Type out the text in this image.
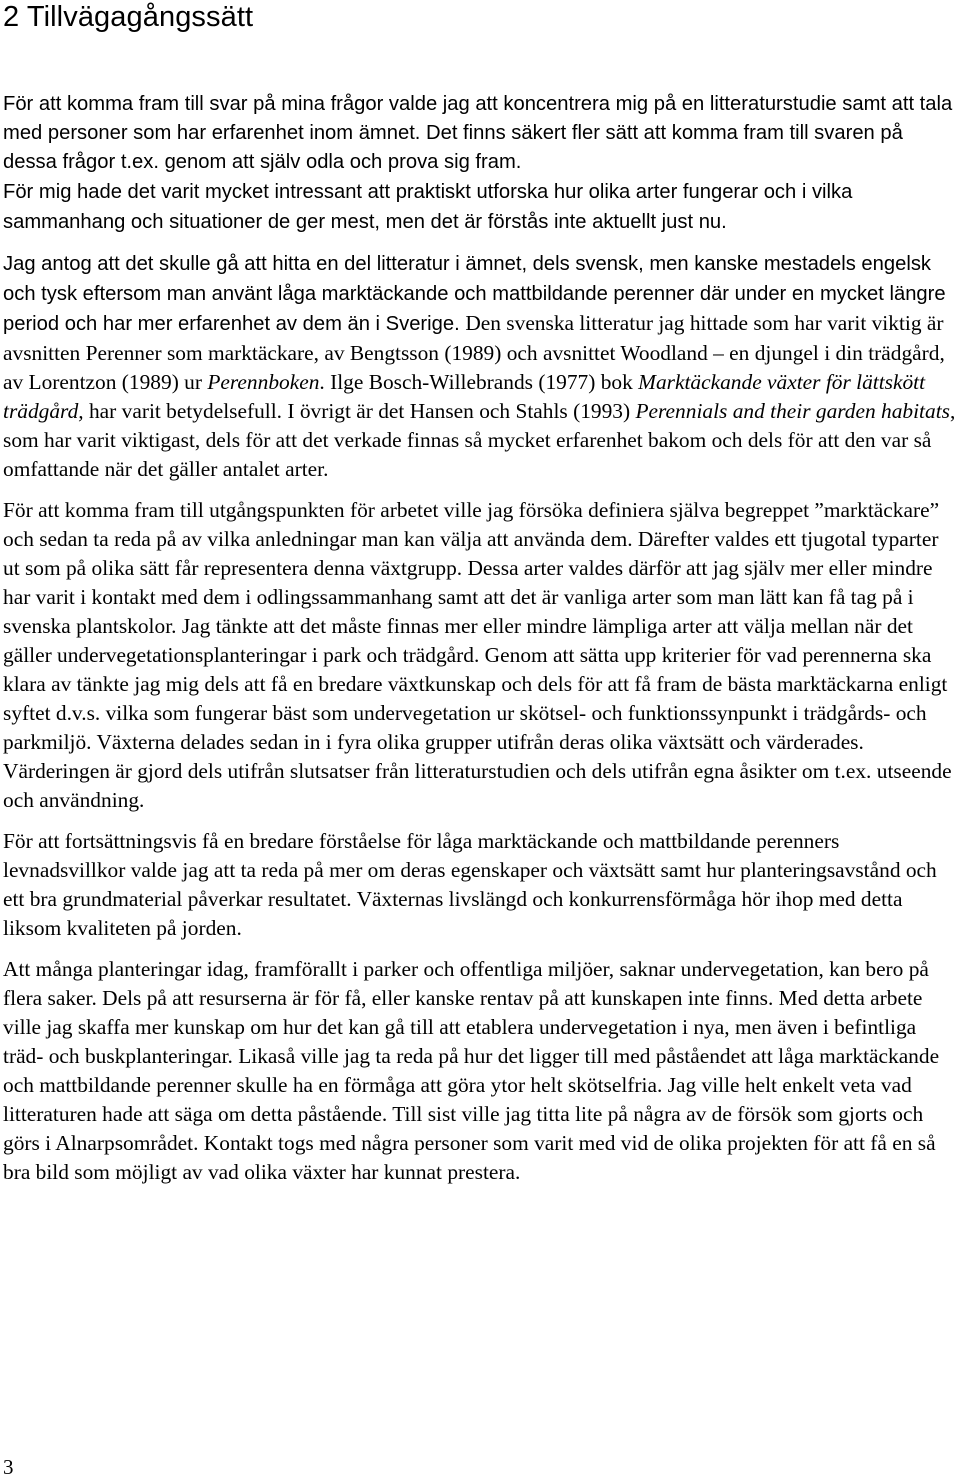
2 Tillvägagångssätt

För att komma fram till svar på mina frågor valde jag att koncentrera mig på en litteraturstudie samt att tala med personer som har erfarenhet inom ämnet. Det finns säkert fler sätt att komma fram till svaren på dessa frågor t.ex. genom att själv odla och prova sig fram.

För mig hade det varit mycket intressant att praktiskt utforska hur olika arter fungerar och i vilka sammanhang och situationer de ger mest, men det är förstås inte aktuellt just nu.

Jag antog att det skulle gå att hitta en del litteratur i ämnet, dels svensk, men kanske mestadels engelsk och tysk eftersom man använt låga marktäckande och mattbildande perenner där under en mycket längre period och har mer erfarenhet av dem än i Sverige. Den svenska litteratur jag hittade som har varit viktig är avsnitten Perenner som marktäckare, av Bengtsson (1989) och avsnittet Woodland – en djungel i din trädgård, av Lorentzon (1989) ur Perennboken. Ilge Bosch-Willebrands (1977) bok Marktäckande växter för lättskött trädgård, har varit betydelsefull. I övrigt är det Hansen och Stahls (1993) Perennials and their garden habitats, som har varit viktigast, dels för att det verkade finnas så mycket erfarenhet bakom och dels för att den var så omfattande när det gäller antalet arter.

För att komma fram till utgångspunkten för arbetet ville jag försöka definiera själva begreppet ”marktäckare” och sedan ta reda på av vilka anledningar man kan välja att använda dem. Därefter valdes ett tjugotal typarter ut som på olika sätt får representera denna växtgrupp. Dessa arter valdes därför att jag själv mer eller mindre har varit i kontakt med dem i odlingssammanhang samt att det är vanliga arter som man lätt kan få tag på i svenska plantskolor. Jag tänkte att det måste finnas mer eller mindre lämpliga arter att välja mellan när det gäller undervegetationsplanteringar i park och trädgård. Genom att sätta upp kriterier för vad perennerna ska klara av tänkte jag mig dels att få en bredare växtkunskap och dels för att få fram de bästa marktäckarna enligt syftet d.v.s. vilka som fungerar bäst som undervegetation ur skötsel- och funktionssynpunkt i trädgårds- och parkmiljö. Växterna delades sedan in i fyra olika grupper utifrån deras olika växtsätt och värderades. Värderingen är gjord dels utifrån slutsatser från litteraturstudien och dels utifrån egna åsikter om t.ex. utseende och användning.

För att fortsättningsvis få en bredare förståelse för låga marktäckande och mattbildande perenners levnadsvillkor valde jag att ta reda på mer om deras egenskaper och växtsätt samt hur planteringsavstånd och ett bra grundmaterial påverkar resultatet. Växternas livslängd och konkurrensförmåga hör ihop med detta liksom kvaliteten på jorden.

Att många planteringar idag, framförallt i parker och offentliga miljöer, saknar undervegetation, kan bero på flera saker. Dels på att resurserna är för få, eller kanske rentav på att kunskapen inte finns. Med detta arbete ville jag skaffa mer kunskap om hur det kan gå till att etablera undervegetation i nya, men även i befintliga träd- och buskplanteringar. Likaså ville jag ta reda på hur det ligger till med påståendet att låga marktäckande och mattbildande perenner skulle ha en förmåga att göra ytor helt skötselfria. Jag ville helt enkelt veta vad litteraturen hade att säga om detta påstående. Till sist ville jag titta lite på några av de försök som gjorts och görs i Alnarpsområdet. Kontakt togs med några personer som varit med vid de olika projekten för att få en så bra bild som möjligt av vad olika växter har kunnat prestera.

3
